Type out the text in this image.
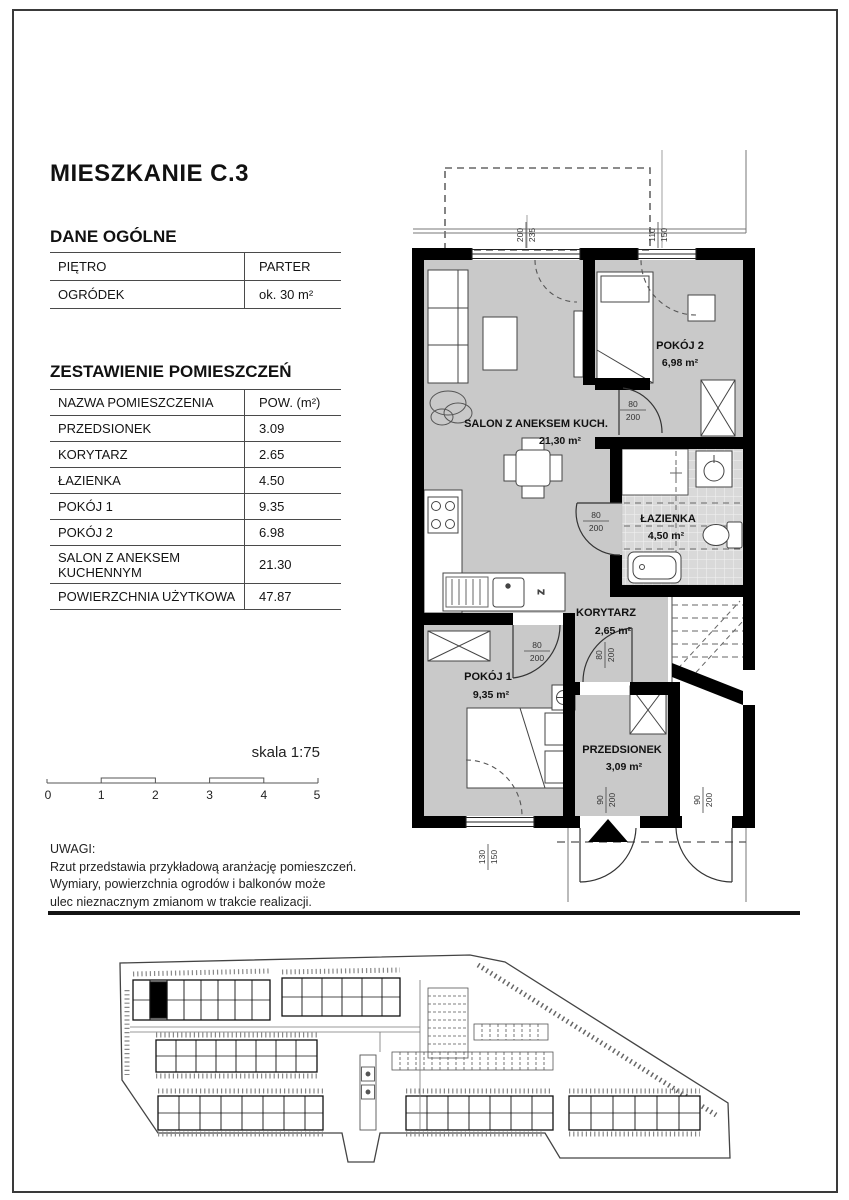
MIESZKANIE C.3
DANE OGÓLNE
PIĘTRO	PARTER
OGRÓDEK	ok. 30 m²
ZESTAWIENIE POMIESZCZEŃ
NAZWA POMIESZCZENIA	POW. (m²)
PRZEDSIONEK	3.09
KORYTARZ	2.65
ŁAZIENKA	4.50
POKÓJ 1	9.35
POKÓJ 2	6.98
SALON Z ANEKSEM KUCHENNYM	21.30
POWIERZCHNIA UŻYTKOWA	47.87
skala 1:75
0	1	2	3	4	5
UWAGI:
Rzut przedstawia przykładową aranżację pomieszczeń.
Wymiary, powierzchnia ogrodów i balkonów może
ulec nieznacznym zmianom w trakcie realizacji.
Z
SALON Z ANEKSEM KUCH.
21,30 m²
POKÓJ 2
6,98 m²
ŁAZIENKA
4,50 m²
KORYTARZ
2,65 m²
POKÓJ 1
9,35 m²
PRZEDSIONEK
3,09 m²
200 235	110 150
130 150
80
200
80
200
80
200	80 200
90 200	90 200
